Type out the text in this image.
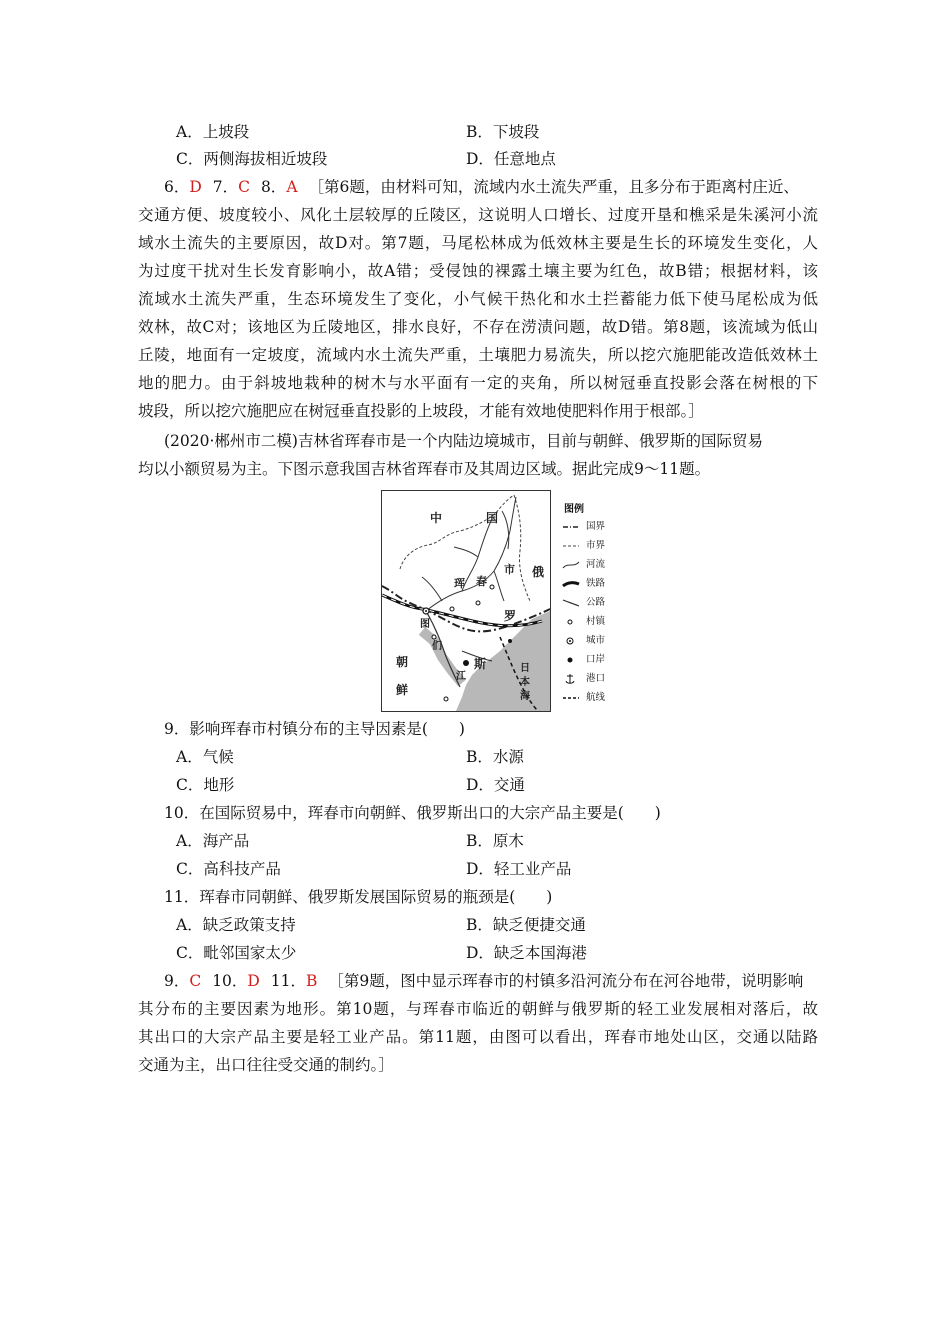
A．上坡段	B．下坡段
C．两侧海拔相近坡段	D．任意地点
6．D 7．C 8．A ［第6题，由材料可知，流域内水土流失严重，且多分布于距离村庄近、
交通方便、坡度较小、风化土层较厚的丘陵区，这说明人口增长、过度开垦和樵采是朱溪河小流
域水土流失的主要原因，故D对。第7题，马尾松林成为低效林主要是生长的环境发生变化，人
为过度干扰对生长发育影响小，故A错；受侵蚀的裸露土壤主要为红色，故B错；根据材料，该
流域水土流失严重，生态环境发生了变化，小气候干热化和水土拦蓄能力低下使马尾松成为低
效林，故C对；该地区为丘陵地区，排水良好，不存在涝渍问题，故D错。第8题，该流域为低山
丘陵，地面有一定坡度，流域内水土流失严重，土壤肥力易流失，所以挖穴施肥能改造低效林土
地的肥力。由于斜坡地栽种的树木与水平面有一定的夹角，所以树冠垂直投影会落在树根的下
坡段，所以挖穴施肥应在树冠垂直投影的上坡段，才能有效地使肥料作用于根部。］
(2020·郴州市二模)吉林省珲春市是一个内陆边境城市，目前与朝鲜、俄罗斯的国际贸易
均以小额贸易为主。下图示意我国吉林省珲春市及其周边区域。据此完成9～11题。
中	国
珲 春
市 俄
罗
斯
朝
鲜
图
们
江
日
本
海
图例
国界
市界
河流
铁路
公路
村镇
城市
口岸
港口
航线
9．影响珲春市村镇分布的主导因素是(　　)
A．气候	B．水源
C．地形	D．交通
10．在国际贸易中，珲春市向朝鲜、俄罗斯出口的大宗产品主要是(　　)
A．海产品	B．原木
C．高科技产品	D．轻工业产品
11．珲春市同朝鲜、俄罗斯发展国际贸易的瓶颈是(　　)
A．缺乏政策支持	B．缺乏便捷交通
C．毗邻国家太少	D．缺乏本国海港
9．C 10．D 11．B ［第9题，图中显示珲春市的村镇多沿河流分布在河谷地带，说明影响
其分布的主要因素为地形。第10题，与珲春市临近的朝鲜与俄罗斯的轻工业发展相对落后，故
其出口的大宗产品主要是轻工业产品。第11题，由图可以看出，珲春市地处山区，交通以陆路
交通为主，出口往往受交通的制约。］
